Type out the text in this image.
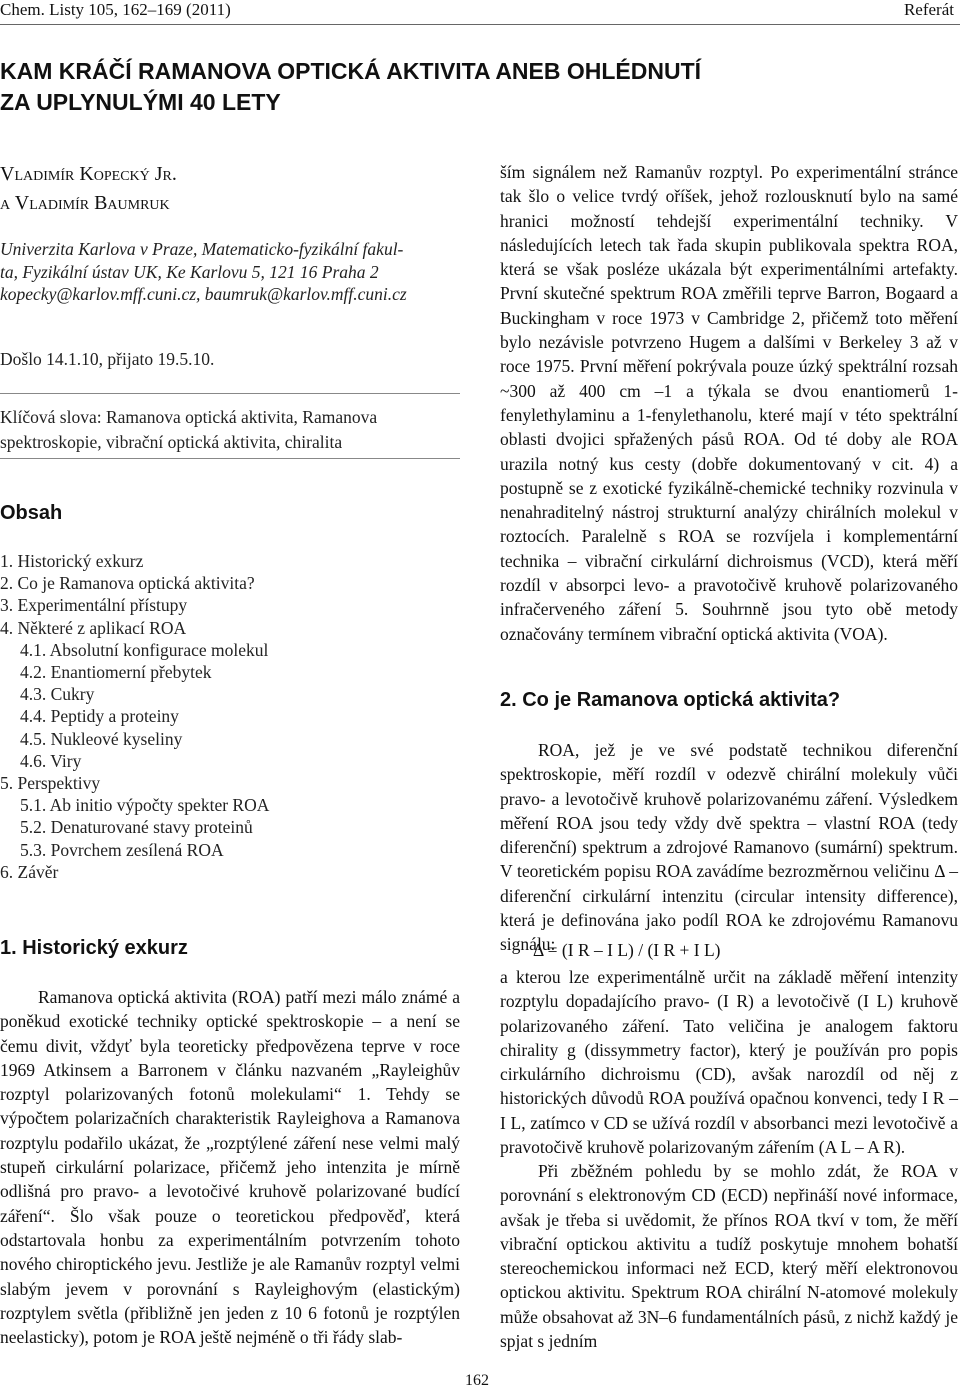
Chem. Listy 105, 162–169 (2011)	Referát
KAM KRÁČÍ RAMANOVA OPTICKÁ AKTIVITA ANEB OHLÉDNUTÍ
ZA UPLYNULÝMI 40 LETY
Vladimír Kopecký Jr.
a Vladimír Baumruk
Univerzita Karlova v Praze, Matematicko-fyzikální fakul-
ta, Fyzikální ústav UK, Ke Karlovu 5, 121 16 Praha 2
kopecky@karlov.mff.cuni.cz, baumruk@karlov.mff.cuni.cz
Došlo 14.1.10, přijato 19.5.10.
Klíčová slova: Ramanova optická aktivita, Ramanova spektroskopie, vibrační optická aktivita, chiralita
Obsah
1. Historický exkurz
2. Co je Ramanova optická aktivita?
3. Experimentální přístupy
4. Některé z aplikací ROA
4.1. Absolutní konfigurace molekul
4.2. Enantiomerní přebytek
4.3. Cukry
4.4. Peptidy a proteiny
4.5. Nukleové kyseliny
4.6. Viry
5. Perspektivy
5.1. Ab initio výpočty spekter ROA
5.2. Denaturované stavy proteinů
5.3. Povrchem zesílená ROA
6. Závěr
1. Historický exkurz

Ramanova optická aktivita (ROA) patří mezi málo známé a poněkud exotické techniky optické spektroskopie – a není se čemu divit, vždyť byla teoreticky předpovězena teprve v roce 1969 Atkinsem a Barronem v článku nazvaném „Rayleighův rozptyl polarizovaných fotonů molekulami“ 1. Tehdy se výpočtem polarizačních charakteristik Rayleighova a Ramanova rozptylu podařilo ukázat, že „rozptýlené záření nese velmi malý stupeň cirkulární polarizace, přičemž jeho intenzita je mírně odlišná pro pravo- a levotočivé kruhově polarizované budící záření“. Šlo však pouze o teoretickou předpověď, která odstartovala honbu za experimentálním potvrzením tohoto nového chiroptického jevu. Jestliže je ale Ramanův rozptyl velmi slabým jevem v porovnání s Rayleighovým (elastickým) rozptylem světla (přibližně jen jeden z 10 6 fotonů je rozptýlen neelasticky), potom je ROA ještě nejméně o tři řády slab-

ším signálem než Ramanův rozptyl. Po experimentální stránce tak šlo o velice tvrdý oříšek, jehož rozlousknutí bylo na samé hranici možností tehdejší experimentální techniky. V následujících letech tak řada skupin publikovala spektra ROA, která se však posléze ukázala být experimentálními artefakty. První skutečné spektrum ROA změřili teprve Barron, Bogaard a Buckingham v roce 1973 v Cambridge 2, přičemž toto měření bylo nezávisle potvrzeno Hugem a dalšími v Berkeley 3 až v roce 1975. První měření pokrývala pouze úzký spektrální rozsah ~300 až 400 cm –1 a týkala se dvou enantiomerů 1-fenylethylaminu a 1-fenylethanolu, které mají v této spektrální oblasti dvojici spřažených pásů ROA. Od té doby ale ROA urazila notný kus cesty (dobře dokumentovaný v cit. 4) a postupně se z exotické fyzikálně-chemické techniky rozvinula v nenahraditelný nástroj strukturní analýzy chirálních molekul v roztocích. Paralelně s ROA se rozvíjela i komplementární technika – vibrační cirkulární dichroismus (VCD), která měří rozdíl v absorpci levo- a pravotočivě kruhově polarizovaného infračerveného záření 5. Souhrnně jsou tyto obě metody označovány termínem vibrační optická aktivita (VOA).

2. Co je Ramanova optická aktivita?

ROA, jež je ve své podstatě technikou diferenční spektroskopie, měří rozdíl v odezvě chirální molekuly vůči pravo- a levotočivě kruhově polarizovanému záření. Výsledkem měření ROA jsou tedy vždy dvě spektra – vlastní ROA (tedy diferenční) spektrum a zdrojové Ramanovo (sumární) spektrum. V teoretickém popisu ROA zavádíme bezrozměrnou veličinu Δ – diferenční cirkulární intenzitu (circular intensity difference), která je definována jako podíl ROA ke zdrojovému Ramanovu signálu:

Δ = (I R – I L) / (I R + I L)

a kterou lze experimentálně určit na základě měření intenzity rozptylu dopadajícího pravo- (I R) a levotočivě (I L) kruhově polarizovaného záření. Tato veličina je analogem faktoru chirality g (dissymmetry factor), který je používán pro popis cirkulárního dichroismu (CD), avšak narozdíl od něj z historických důvodů ROA používá opačnou konvenci, tedy I R – I L, zatímco v CD se užívá rozdíl v absorbanci mezi levotočivě a pravotočivě kruhově polarizovaným zářením (A L – A R).

Při zběžném pohledu by se mohlo zdát, že ROA v porovnání s elektronovým CD (ECD) nepřináší nové informace, avšak je třeba si uvědomit, že přínos ROA tkví v tom, že měří vibrační optickou aktivitu a tudíž poskytuje mnohem bohatší stereochemickou informaci než ECD, který měří elektronovou optickou aktivitu. Spektrum ROA chirální N-atomové molekuly může obsahovat až 3N–6 fundamentálních pásů, z nichž každý je spjat s jedním

162
